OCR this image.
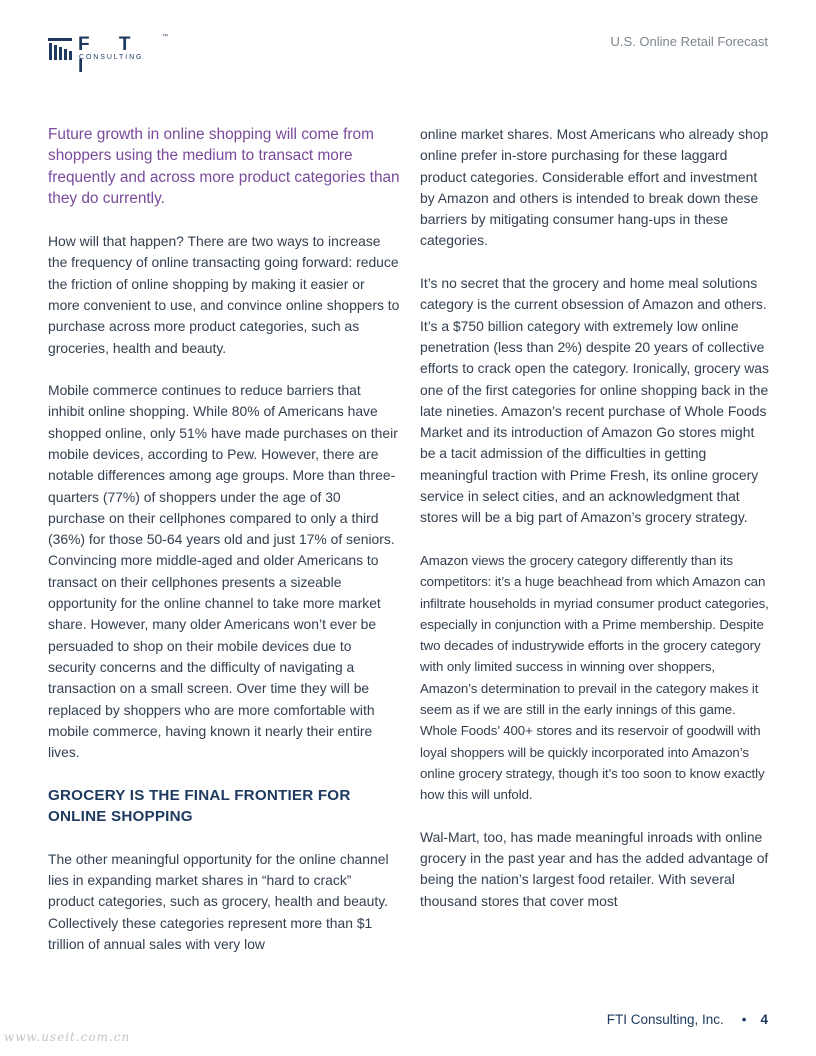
F T I
™
CONSULTING
U.S. Online Retail Forecast

Future growth in online shopping will come from shoppers using the medium to transact more frequently and across more product categories than they do currently.

How will that happen? There are two ways to increase the frequency of online transacting going forward: reduce the friction of online shopping by making it easier or more convenient to use, and convince online shoppers to purchase across more product categories, such as groceries, health and beauty.

Mobile commerce continues to reduce barriers that inhibit online shopping. While 80% of Americans have shopped online, only 51% have made purchases on their mobile devices, according to Pew. However, there are notable differences among age groups. More than three-quarters (77%) of shoppers under the age of 30 purchase on their cellphones compared to only a third (36%) for those 50-64 years old and just 17% of seniors. Convincing more middle-aged and older Americans to transact on their cellphones presents a sizeable opportunity for the online channel to take more market share. However, many older Americans won’t ever be persuaded to shop on their mobile devices due to security concerns and the difficulty of navigating a transaction on a small screen. Over time they will be replaced by shoppers who are more comfortable with mobile commerce, having known it nearly their entire lives.

GROCERY IS THE FINAL FRONTIER FOR ONLINE SHOPPING

The other meaningful opportunity for the online channel lies in expanding market shares in “hard to crack” product categories, such as grocery, health and beauty. Collectively these categories represent more than $1 trillion of annual sales with very low

online market shares. Most Americans who already shop online prefer in-store purchasing for these laggard product categories. Considerable effort and investment by Amazon and others is intended to break down these barriers by mitigating consumer hang-ups in these categories.

It’s no secret that the grocery and home meal solutions category is the current obsession of Amazon and others. It’s a $750 billion category with extremely low online penetration (less than 2%) despite 20 years of collective efforts to crack open the category. Ironically, grocery was one of the first categories for online shopping back in the late nineties. Amazon’s recent purchase of Whole Foods Market and its introduction of Amazon Go stores might be a tacit admission of the difficulties in getting meaningful traction with Prime Fresh, its online grocery service in select cities, and an acknowledgment that stores will be a big part of Amazon’s grocery strategy.

Amazon views the grocery category differently than its competitors: it’s a huge beachhead from which Amazon can infiltrate households in myriad consumer product categories, especially in conjunction with a Prime membership. Despite two decades of industrywide efforts in the grocery category with only limited success in winning over shoppers, Amazon’s determination to prevail in the category makes it seem as if we are still in the early innings of this game. Whole Foods’ 400+ stores and its reservoir of goodwill with loyal shoppers will be quickly incorporated into Amazon’s online grocery strategy, though it’s too soon to know exactly how this will unfold.

Wal-Mart, too, has made meaningful inroads with online grocery in the past year and has the added advantage of being the nation’s largest food retailer. With several thousand stores that cover most

FTI Consulting, Inc. • 4
www.useit.com.cn
